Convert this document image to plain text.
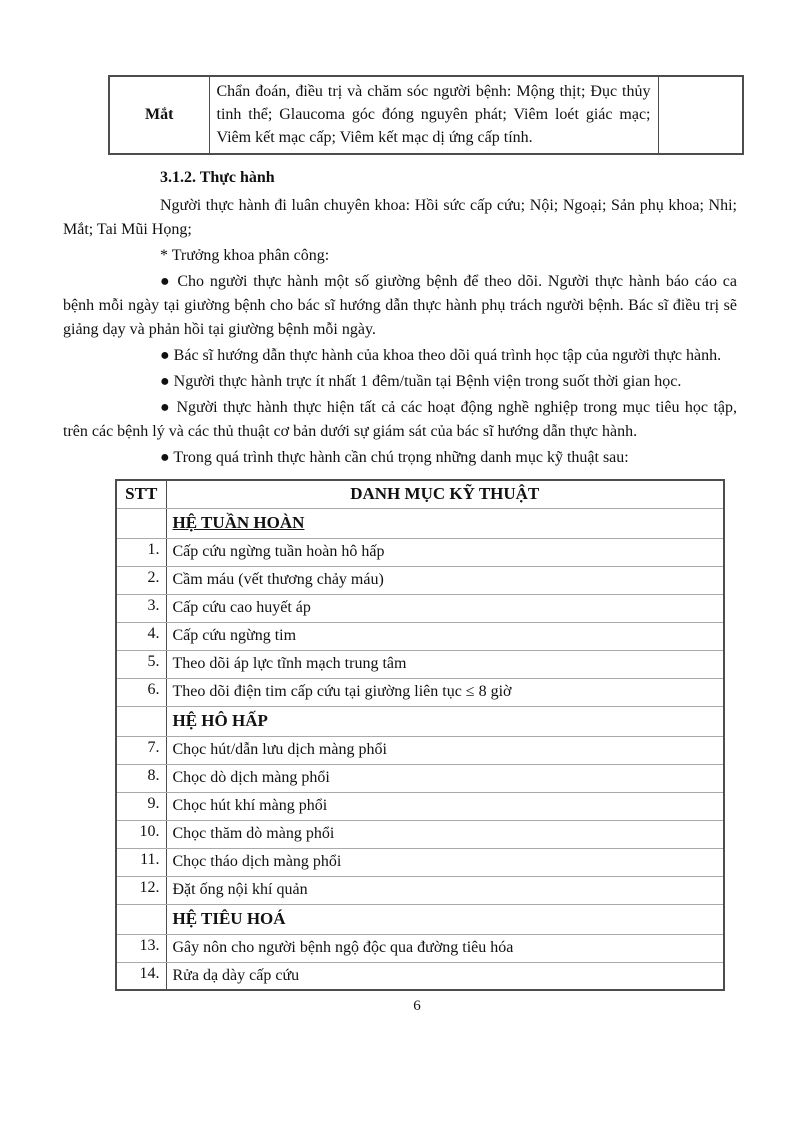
Mắt	Chẩn đoán, điều trị và chăm sóc người bệnh: Mộng thịt; Đục thủy tinh thể; Glaucoma góc đóng nguyên phát; Viêm loét giác mạc; Viêm kết mạc cấp; Viêm kết mạc dị ứng cấp tính.	
3.1.2. Thực hành

Người thực hành đi luân chuyên khoa: Hồi sức cấp cứu; Nội; Ngoại; Sản phụ khoa; Nhi; Mắt; Tai Mũi Họng;

* Trưởng khoa phân công:

● Cho người thực hành một số giường bệnh để theo dõi. Người thực hành báo cáo ca bệnh mỗi ngày tại giường bệnh cho bác sĩ hướng dẫn thực hành phụ trách người bệnh. Bác sĩ điều trị sẽ giảng dạy và phản hồi tại giường bệnh mỗi ngày.

● Bác sĩ hướng dẫn thực hành của khoa theo dõi quá trình học tập của người thực hành.

● Người thực hành trực ít nhất 1 đêm/tuần tại Bệnh viện trong suốt thời gian học.

● Người thực hành thực hiện tất cả các hoạt động nghề nghiệp trong mục tiêu học tập, trên các bệnh lý và các thủ thuật cơ bản dưới sự giám sát của bác sĩ hướng dẫn thực hành.

● Trong quá trình thực hành cần chú trọng những danh mục kỹ thuật sau:

STT	DANH MỤC KỸ THUẬT
	HỆ TUẦN HOÀN
1.	Cấp cứu ngừng tuần hoàn hô hấp
2.	Cầm máu (vết thương chảy máu)
3.	Cấp cứu cao huyết áp
4.	Cấp cứu ngừng tim
5.	Theo dõi áp lực tĩnh mạch trung tâm
6.	Theo dõi điện tim cấp cứu tại giường liên tục ≤ 8 giờ
	HỆ HÔ HẤP
7.	Chọc hút/dẫn lưu dịch màng phổi
8.	Chọc dò dịch màng phổi
9.	Chọc hút khí màng phổi
10.	Chọc thăm dò màng phổi
11.	Chọc tháo dịch màng phổi
12.	Đặt ống nội khí quản
	HỆ TIÊU HOÁ
13.	Gây nôn cho người bệnh ngộ độc qua đường tiêu hóa
14.	Rửa dạ dày cấp cứu
6
